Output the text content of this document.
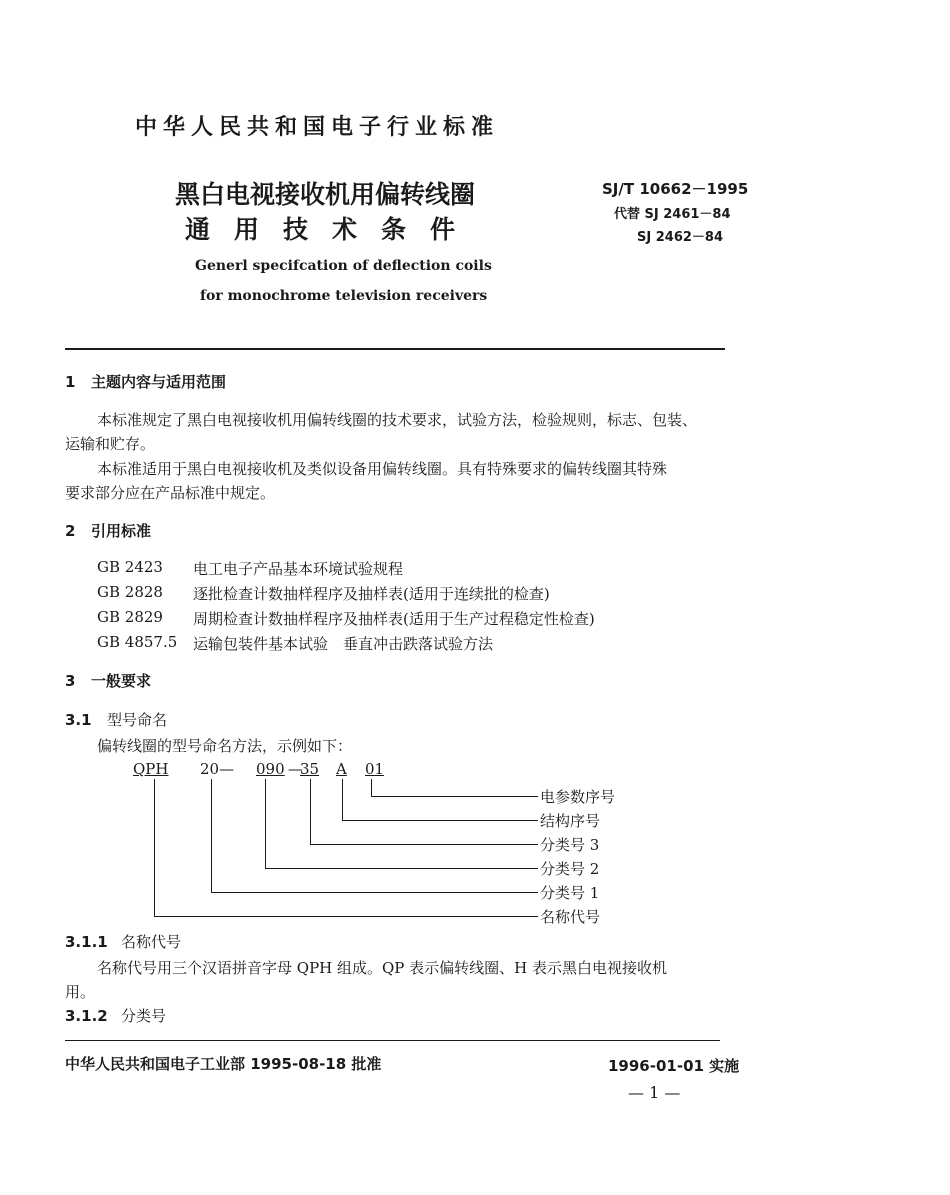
中华人民共和国电子行业标准
黑白电视接收机用偏转线圈
通用技术条件
Generl specifcation of deflection coils
for monochrome television receivers
SJ/T 10662－1995
代替 SJ 2461－84
SJ 2462－84
1 主题内容与适用范围
本标准规定了黑白电视接收机用偏转线圈的技术要求，试验方法，检验规则，标志、包装、
运输和贮存。
本标准适用于黑白电视接收机及类似设备用偏转线圈。具有特殊要求的偏转线圈其特殊
要求部分应在产品标准中规定。
2 引用标准
GB 2423 电工电子产品基本环境试验规程
GB 2828 逐批检查计数抽样程序及抽样表(适用于连续批的检查)
GB 2829 周期检查计数抽样程序及抽样表(适用于生产过程稳定性检查)
GB 4857.5 运输包装件基本试验　垂直冲击跌落试验方法
3 一般要求
3.1 型号命名
偏转线圈的型号命名方法，示例如下：
QPH 20— 090 —
35 A 01
电参数序号
结构序号
分类号 3
分类号 2
分类号 1
名称代号
3.1.1 名称代号
名称代号用三个汉语拼音字母 QPH 组成。QP 表示偏转线圈、H 表示黑白电视接收机
用。
3.1.2 分类号
中华人民共和国电子工业部 1995-08-18 批准	1996-01-01 实施
— 1 —
